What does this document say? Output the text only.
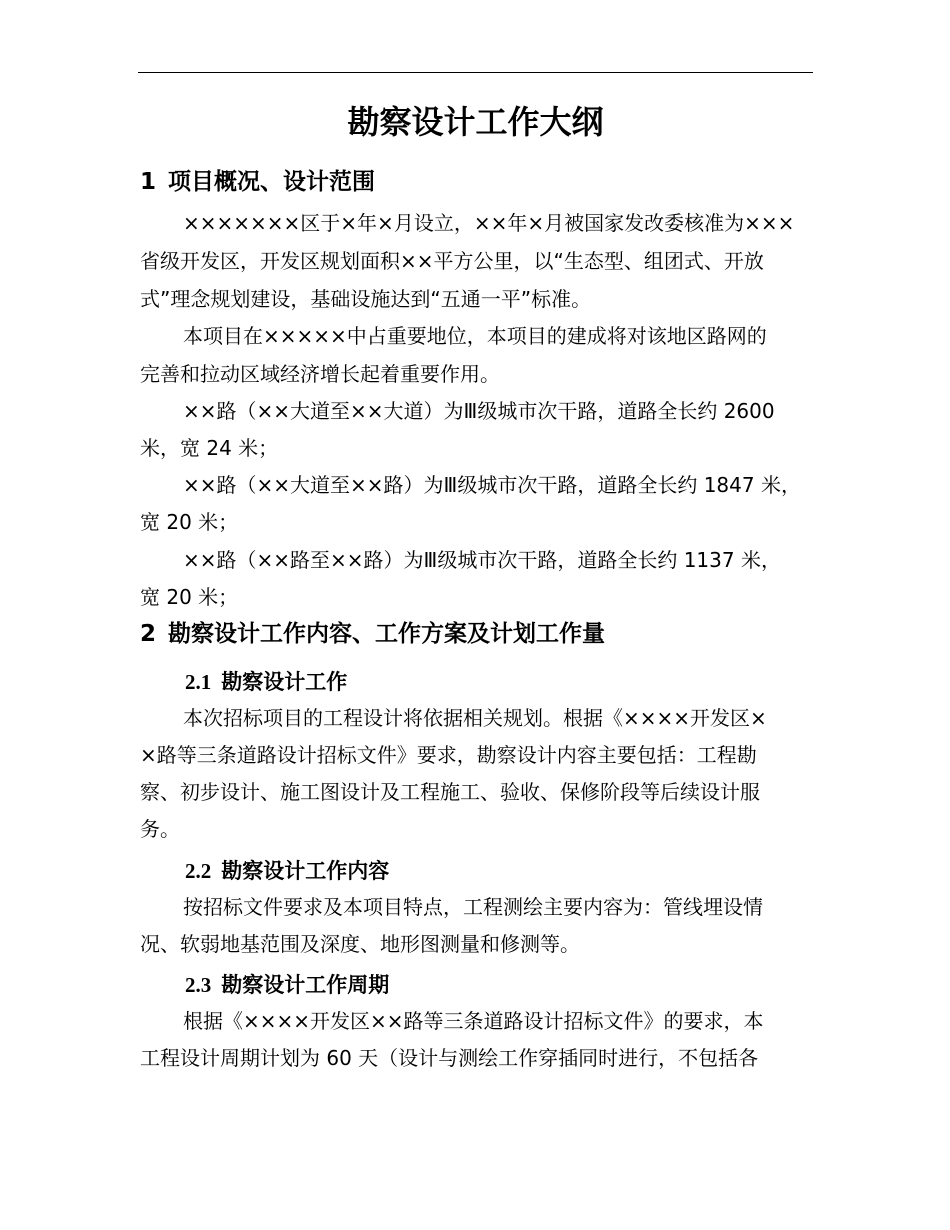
勘察设计工作大纲
1 项目概况、设计范围
×××××××区于×年×月设立，××年×月被国家发改委核准为×××
省级开发区，开发区规划面积××平方公里，以“生态型、组团式、开放
式”理念规划建设，基础设施达到“五通一平”标准。
本项目在×××××中占重要地位，本项目的建成将对该地区路网的
完善和拉动区域经济增长起着重要作用。
××路（××大道至××大道）为Ⅲ级城市次干路，道路全长约 2600
米，宽 24 米；
××路（××大道至××路）为Ⅲ级城市次干路，道路全长约 1847 米，
宽 20 米；
××路（××路至××路）为Ⅲ级城市次干路，道路全长约 1137 米，
宽 20 米；
2 勘察设计工作内容、工作方案及计划工作量
2.1 勘察设计工作
本次招标项目的工程设计将依据相关规划。根据《××××开发区×
×路等三条道路设计招标文件》要求，勘察设计内容主要包括：工程勘
察、初步设计、施工图设计及工程施工、验收、保修阶段等后续设计服
务。
2.2 勘察设计工作内容
按招标文件要求及本项目特点，工程测绘主要内容为：管线埋设情
况、软弱地基范围及深度、地形图测量和修测等。
2.3 勘察设计工作周期
根据《××××开发区××路等三条道路设计招标文件》的要求，本
工程设计周期计划为 60 天（设计与测绘工作穿插同时进行，不包括各
